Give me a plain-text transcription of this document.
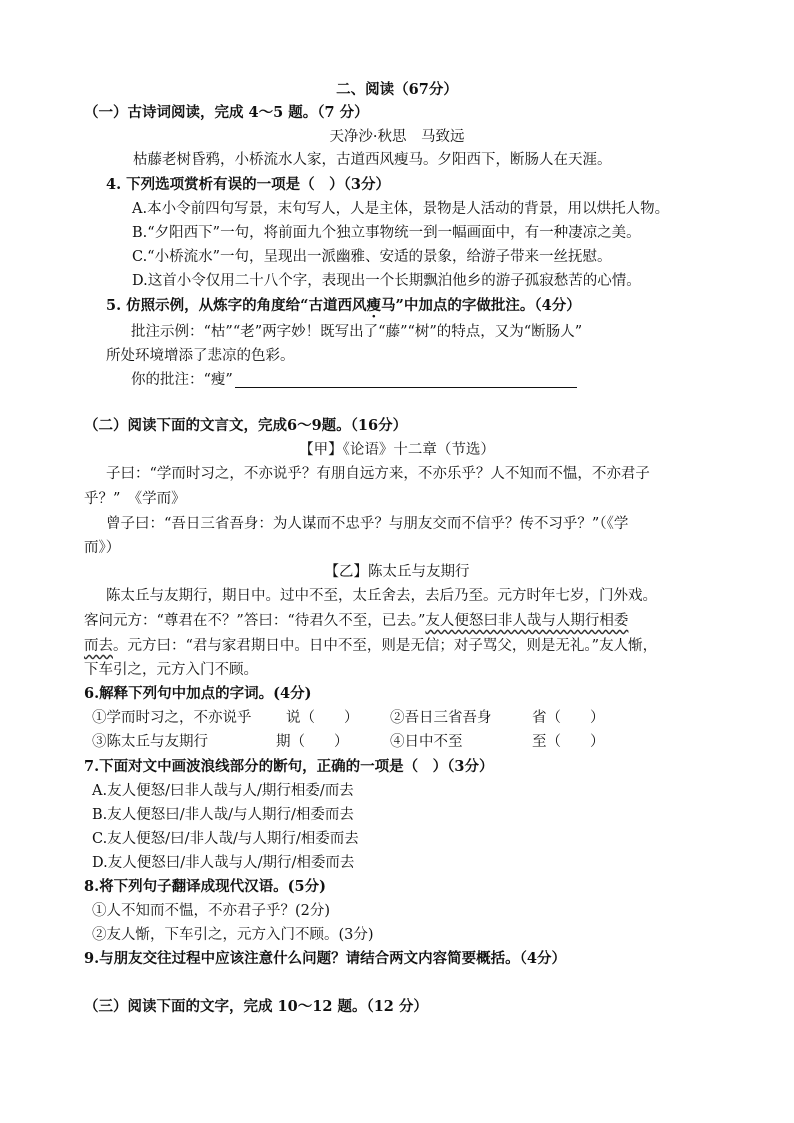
二、阅读（67分）
（一）古诗词阅读，完成 4～5 题。（7 分）
天净沙·秋思　马致远
枯藤老树昏鸦，小桥流水人家，古道西风瘦马。夕阳西下，断肠人在天涯。
4. 下列选项赏析有误的一项是（　）（3分）
A.本小令前四句写景，末句写人，人是主体，景物是人活动的背景，用以烘托人物。
B.“夕阳西下”一句，将前面九个独立事物统一到一幅画面中，有一种凄凉之美。
C.“小桥流水”一句，呈现出一派幽雅、安适的景象，给游子带来一丝抚慰。
D.这首小令仅用二十八个字，表现出一个长期飘泊他乡的游子孤寂愁苦的心情。
5. 仿照示例，从炼字的角度给“古道西风瘦马”中加点的字做批注。（4分）
批注示例：“枯”“老”两字妙！既写出了“藤”“树”的特点，又为“断肠人”
所处环境增添了悲凉的色彩。
你的批注：“瘦”
（二）阅读下面的文言文，完成6～9题。（16分）
【甲】《论语》十二章（节选）
子曰：“学而时习之，不亦说乎？有朋自远方来，不亦乐乎？人不知而不愠，不亦君子
乎？”　《学而》
曾子曰：“吾日三省吾身：为人谋而不忠乎？与朋友交而不信乎？传不习乎？”（《学
而》）
【乙】陈太丘与友期行
陈太丘与友期行，期日中。过中不至，太丘舍去，去后乃至。元方时年七岁，门外戏。
客问元方：“尊君在不？”答曰：“待君久不至，已去。”友人便怒曰非人哉与人期行相委
而去。元方曰：“君与家君期日中。日中不至，则是无信；对子骂父，则是无礼。”友人惭，
下车引之，元方入门不顾。
6.解释下列句中加点的字词。(4分)
①学而时习之，不亦说乎 说（　　） ②吾日三省吾身	省（　　）
③陈太丘与友期行	期（　　）	④日中不至	至（　　）
7.下面对文中画波浪线部分的断句，正确的一项是（　）（3分）
A.友人便怒/曰非人哉与人/期行相委/而去
B.友人便怒曰/非人哉/与人期行/相委而去
C.友人便怒/曰/非人哉/与人期行/相委而去
D.友人便怒曰/非人哉与人/期行/相委而去
8.将下列句子翻译成现代汉语。(5分)
①人不知而不愠，不亦君子乎？(2分)
②友人惭，下车引之，元方入门不顾。(3分)
9.与朋友交往过程中应该注意什么问题？请结合两文内容简要概括。（4分）
（三）阅读下面的文字，完成 10～12 题。（12 分）
